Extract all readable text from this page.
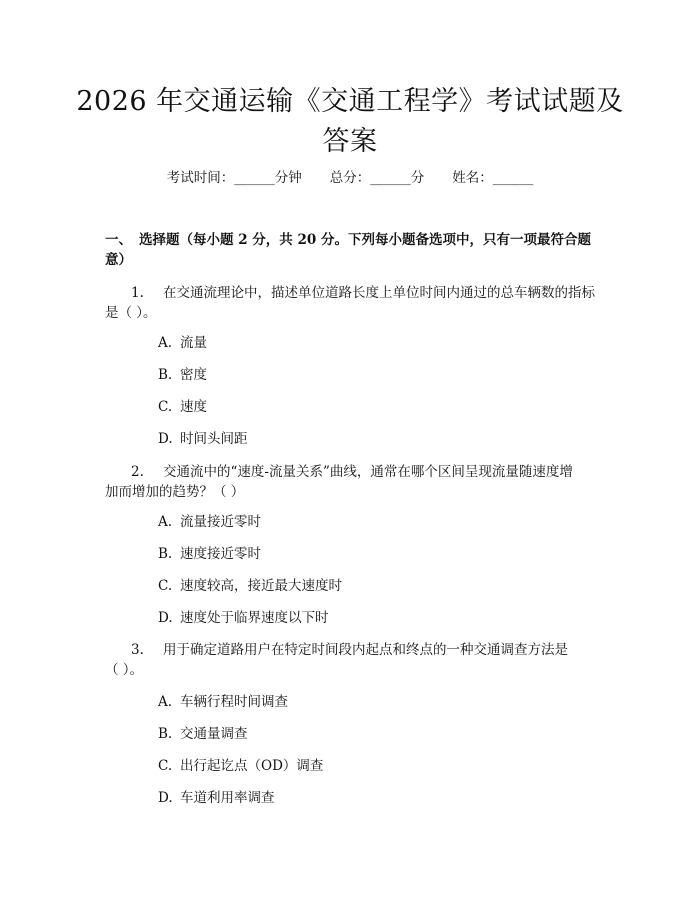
2026 年交通运输《交通工程学》考试试题及
答案
考试时间：______分钟 总分：______分 姓名：______
一、 选择题（每小题 2 分，共 20 分。下列每小题备选项中，只有一项最符合题
意）
1. 在交通流理论中，描述单位道路长度上单位时间内通过的总车辆数的指标
是（ ）。
A. 流量
B. 密度
C. 速度
D. 时间头间距
2. 交通流中的“速度-流量关系”曲线，通常在哪个区间呈现流量随速度增
加而增加的趋势？（ ）
A. 流量接近零时
B. 速度接近零时
C. 速度较高，接近最大速度时
D. 速度处于临界速度以下时
3. 用于确定道路用户在特定时间段内起点和终点的一种交通调查方法是
（ ）。
A. 车辆行程时间调查
B. 交通量调查
C. 出行起讫点（OD）调查
D. 车道利用率调查
